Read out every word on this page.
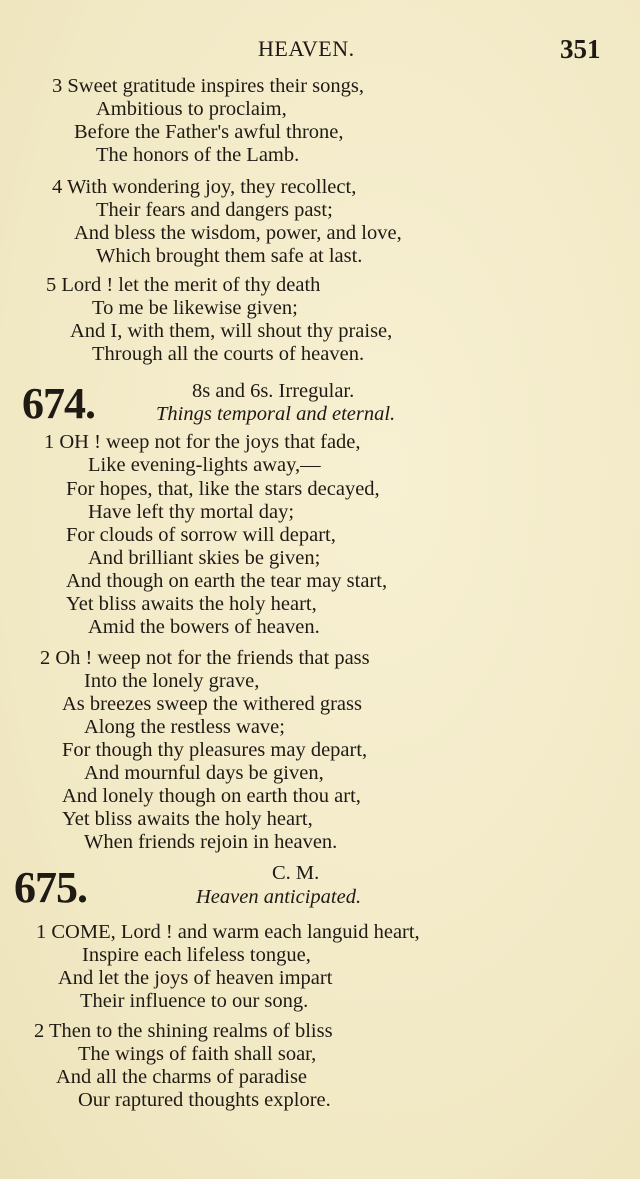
HEAVEN.	351
3 Sweet gratitude inspires their songs,
Ambitious to proclaim,
Before the Father's awful throne,
The honors of the Lamb.
4 With wondering joy, they recollect,
Their fears and dangers past;
And bless the wisdom, power, and love,
Which brought them safe at last.
5 Lord ! let the merit of thy death
To me be likewise given;
And I, with them, will shout thy praise,
Through all the courts of heaven.
674.	8s and 6s. Irregular.
Things temporal and eternal.
1 OH ! weep not for the joys that fade,
Like evening-lights away,—
For hopes, that, like the stars decayed,
Have left thy mortal day;
For clouds of sorrow will depart,
And brilliant skies be given;
And though on earth the tear may start,
Yet bliss awaits the holy heart,
Amid the bowers of heaven.
2 Oh ! weep not for the friends that pass
Into the lonely grave,
As breezes sweep the withered grass
Along the restless wave;
For though thy pleasures may depart,
And mournful days be given,
And lonely though on earth thou art,
Yet bliss awaits the holy heart,
When friends rejoin in heaven.
675.	C. M.
Heaven anticipated.
1 COME, Lord ! and warm each languid heart,
Inspire each lifeless tongue,
And let the joys of heaven impart
Their influence to our song.
2 Then to the shining realms of bliss
The wings of faith shall soar,
And all the charms of paradise
Our raptured thoughts explore.
